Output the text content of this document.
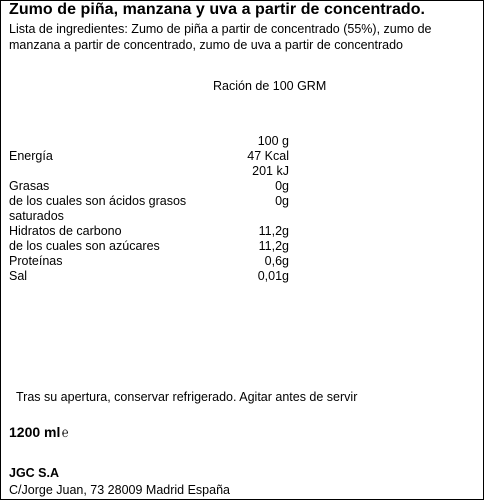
Zumo de piña, manzana y uva a partir de concentrado.
Lista de ingredientes: Zumo de piña a partir de concentrado (55%), zumo de manzana a partir de concentrado, zumo de uva a partir de concentrado
Ración de 100 GRM
100 g
Energía	47 Kcal
201 kJ
Grasas	0g
de los cuales son ácidos grasos	0g
saturados
Hidratos de carbono	11,2g
de los cuales son azúcares	11,2g
Proteínas	0,6g
Sal	0,01g
Tras su apertura, conservar refrigerado. Agitar antes de servir
1200 ml ℮
JGC S.A
C/Jorge Juan, 73 28009 Madrid España
